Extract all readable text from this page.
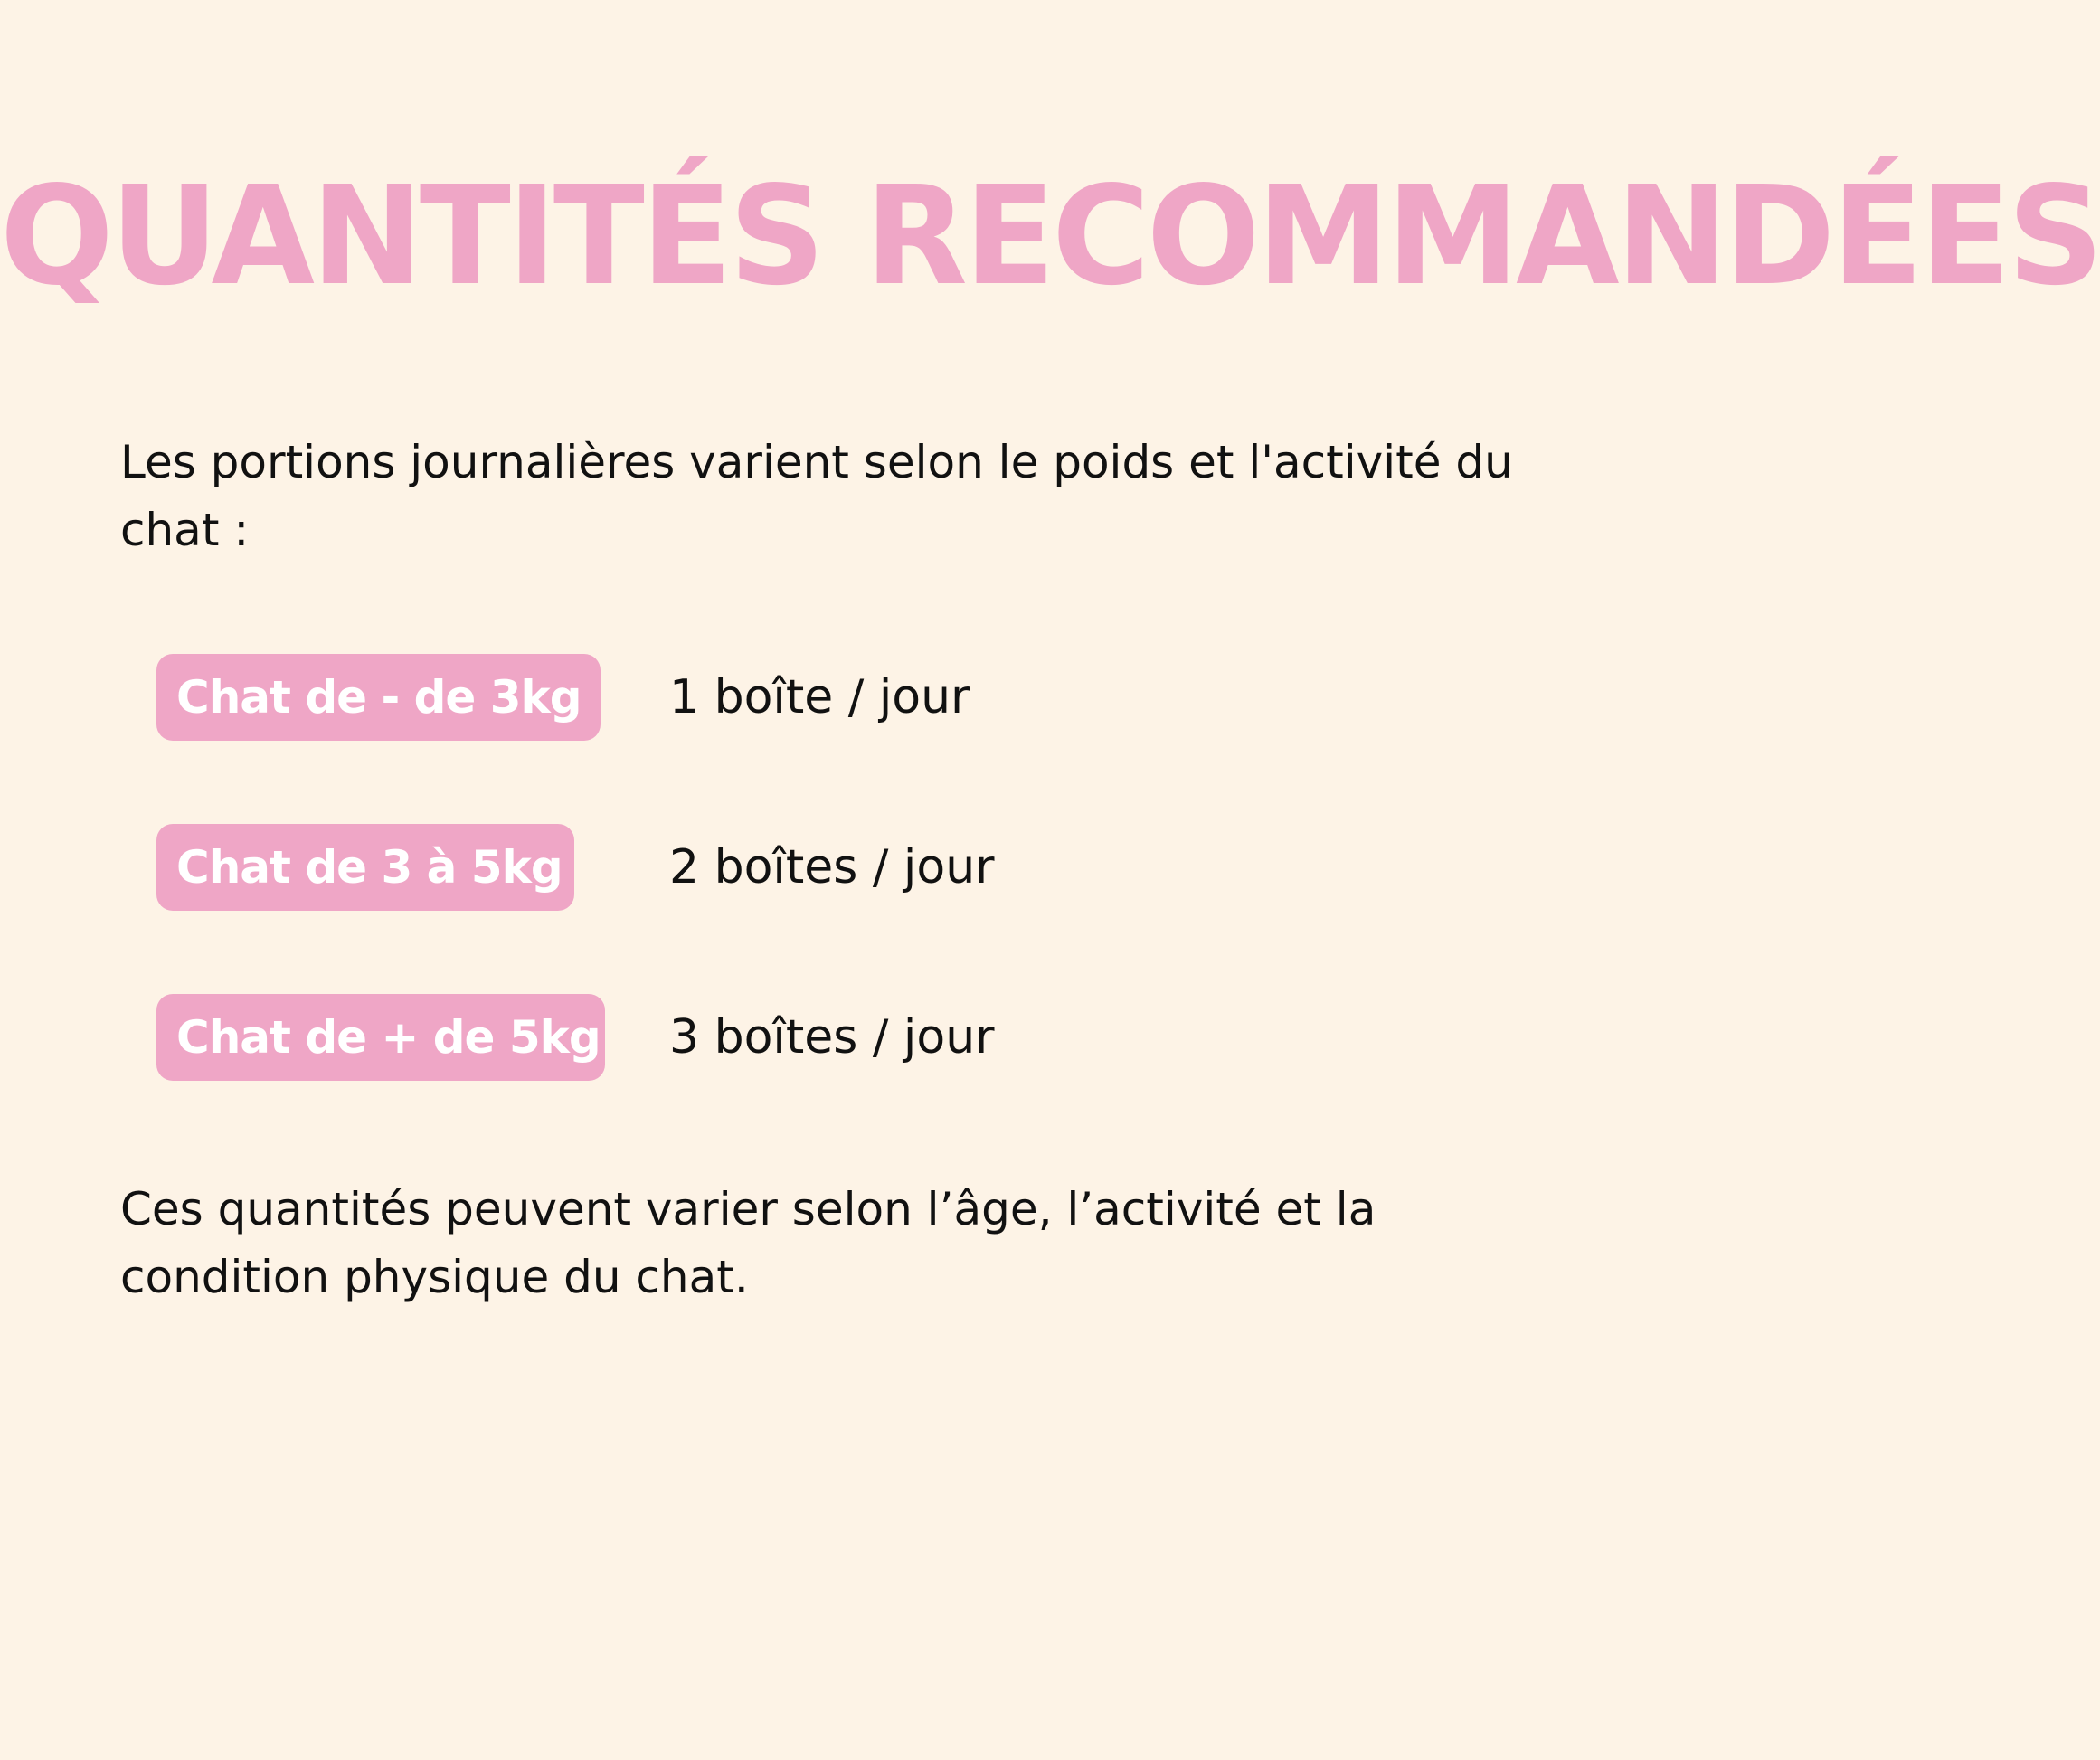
QUANTITÉS RECOMMANDÉES
Les portions journalières varient selon le poids et l'activité du chat :
Chat de - de 3kg	1 boîte / jour
Chat de 3 à 5kg 2 boîtes / jour
Chat de + de 5kg 3 boîtes / jour
Ces quantités peuvent varier selon l’âge, l’activité et la condition physique du chat.
